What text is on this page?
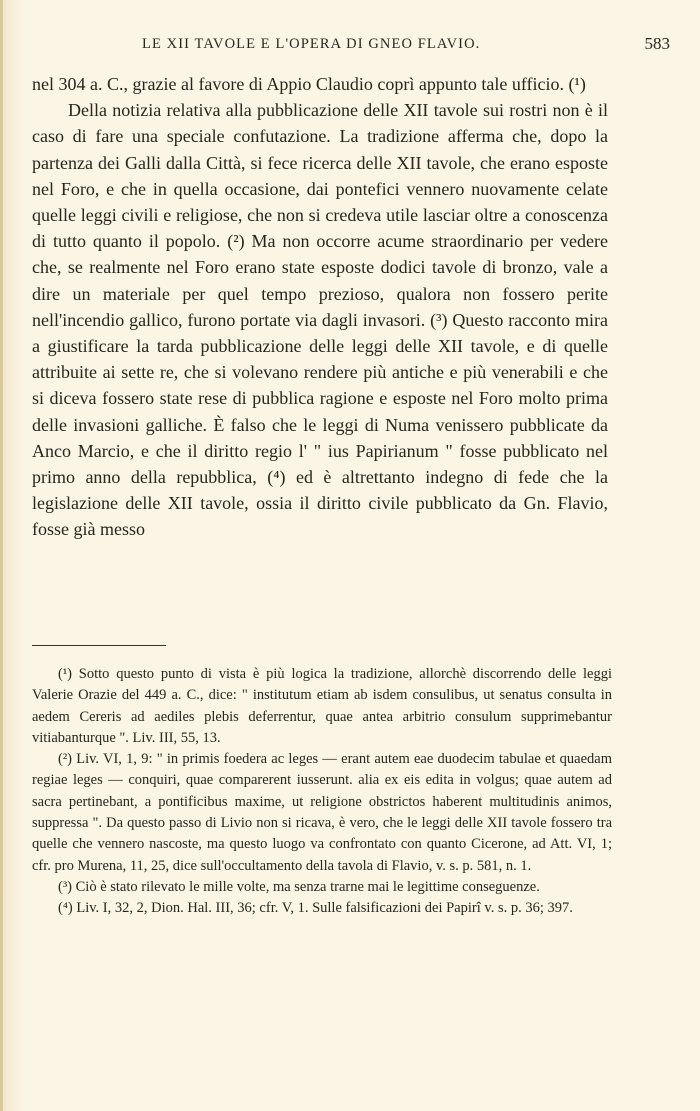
LE XII TAVOLE E L'OPERA DI GNEO FLAVIO.	583

nel 304 a. C., grazie al favore di Appio Claudio coprì appunto tale ufficio. (¹)

Della notizia relativa alla pubblicazione delle XII tavole sui rostri non è il caso di fare una speciale confutazione. La tradizione afferma che, dopo la partenza dei Galli dalla Città, si fece ricerca delle XII tavole, che erano esposte nel Foro, e che in quella occasione, dai pontefici vennero nuovamente celate quelle leggi civili e religiose, che non si credeva utile lasciar oltre a conoscenza di tutto quanto il popolo. (²) Ma non occorre acume straordinario per vedere che, se realmente nel Foro erano state esposte dodici tavole di bronzo, vale a dire un materiale per quel tempo prezioso, qualora non fossero perite nell'incendio gallico, furono portate via dagli invasori. (³) Questo racconto mira a giustificare la tarda pubblicazione delle leggi delle XII tavole, e di quelle attribuite ai sette re, che si volevano rendere più antiche e più venerabili e che si diceva fossero state rese di pubblica ragione e esposte nel Foro molto prima delle invasioni galliche. È falso che le leggi di Numa venissero pubblicate da Anco Marcio, e che il diritto regio l' " ius Papirianum " fosse pubblicato nel primo anno della repubblica, (⁴) ed è altrettanto indegno di fede che la legislazione delle XII tavole, ossia il diritto civile pubblicato da Gn. Flavio, fosse già messo

(¹) Sotto questo punto di vista è più logica la tradizione, allorchè discorrendo delle leggi Valerie Orazie del 449 a. C., dice: " institutum etiam ab isdem consulibus, ut senatus consulta in aedem Cereris ad aediles plebis deferrentur, quae antea arbitrio consulum supprimebantur vitiabanturque ". Liv. III, 55, 13.

(²) Liv. VI, 1, 9: " in primis foedera ac leges — erant autem eae duodecim tabulae et quaedam regiae leges — conquiri, quae comparerent iusserunt. alia ex eis edita in volgus; quae autem ad sacra pertinebant, a pontificibus maxime, ut religione obstrictos haberent multitudinis animos, suppressa ". Da questo passo di Livio non si ricava, è vero, che le leggi delle XII tavole fossero tra quelle che vennero nascoste, ma questo luogo va confrontato con quanto Cicerone, ad Att. VI, 1; cfr. pro Murena, 11, 25, dice sull'occultamento della tavola di Flavio, v. s. p. 581, n. 1.

(³) Ciò è stato rilevato le mille volte, ma senza trarne mai le legittime conseguenze.

(⁴) Liv. I, 32, 2, Dion. Hal. III, 36; cfr. V, 1. Sulle falsificazioni dei Papirî v. s. p. 36; 397.
